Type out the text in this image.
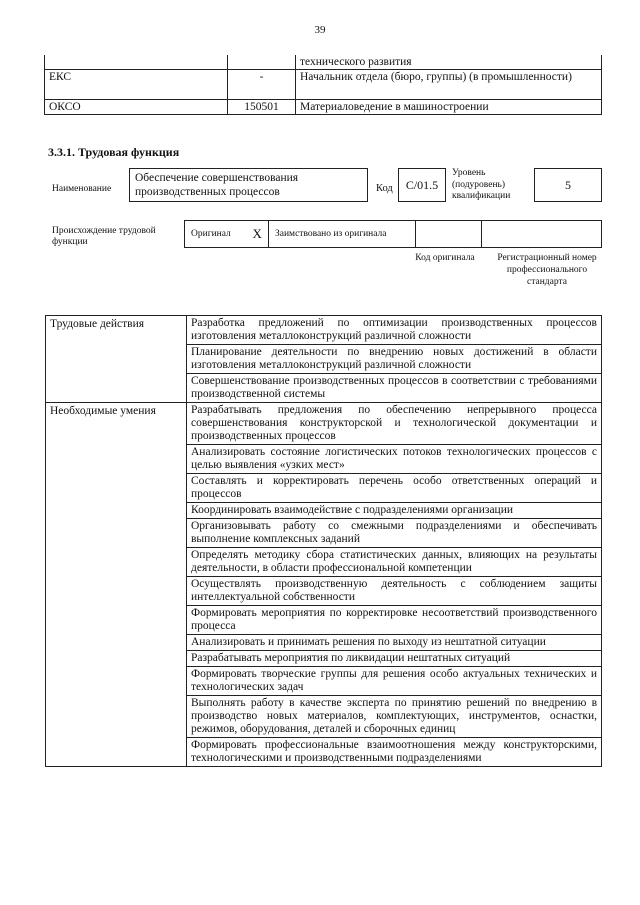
39
		технического развития
ЕКС	-	Начальник отдела (бюро, группы) (в промышленности)
ОКСО	150501	Материаловедение в машиностроении
3.3.1. Трудовая функция
Наименование
Обеспечение совершенствования производственных процессов	Код	С/01.5
Уровень (подуровень) квалификации
5
Происхождение трудовой функции
Оригинал	X	Заимствовано из оригинала		
Код оригинала	Регистрационный номер профессионального стандарта
Трудовые действия	Разработка предложений по оптимизации производственных процессов изготовления металлоконструкций различной сложности
	Планирование деятельности по внедрению новых достижений в области изготовления металлоконструкций различной сложности
	Совершенствование производственных процессов в соответствии с требованиями производственной системы
Необходимые умения	Разрабатывать предложения по обеспечению непрерывного процесса совершенствования конструкторской и технологической документации и производственных процессов
	Анализировать состояние логистических потоков технологических процессов с целью выявления «узких мест»
	Составлять и корректировать перечень особо ответственных операций и процессов
	Координировать взаимодействие с подразделениями организации
	Организовывать работу со смежными подразделениями и обеспечивать выполнение комплексных заданий
	Определять методику сбора статистических данных, влияющих на результаты деятельности, в области профессиональной компетенции
	Осуществлять производственную деятельность с соблюдением защиты интеллектуальной собственности
	Формировать мероприятия по корректировке несоответствий производственного процесса
	Анализировать и принимать решения по выходу из нештатной ситуации
	Разрабатывать мероприятия по ликвидации нештатных ситуаций
	Формировать творческие группы для решения особо актуальных технических и технологических задач
	Выполнять работу в качестве эксперта по принятию решений по внедрению в производство новых материалов, комплектующих, инструментов, оснастки, режимов, оборудования, деталей и сборочных единиц
	Формировать профессиональные взаимоотношения между конструкторскими, технологическими и производственными подразделениями
